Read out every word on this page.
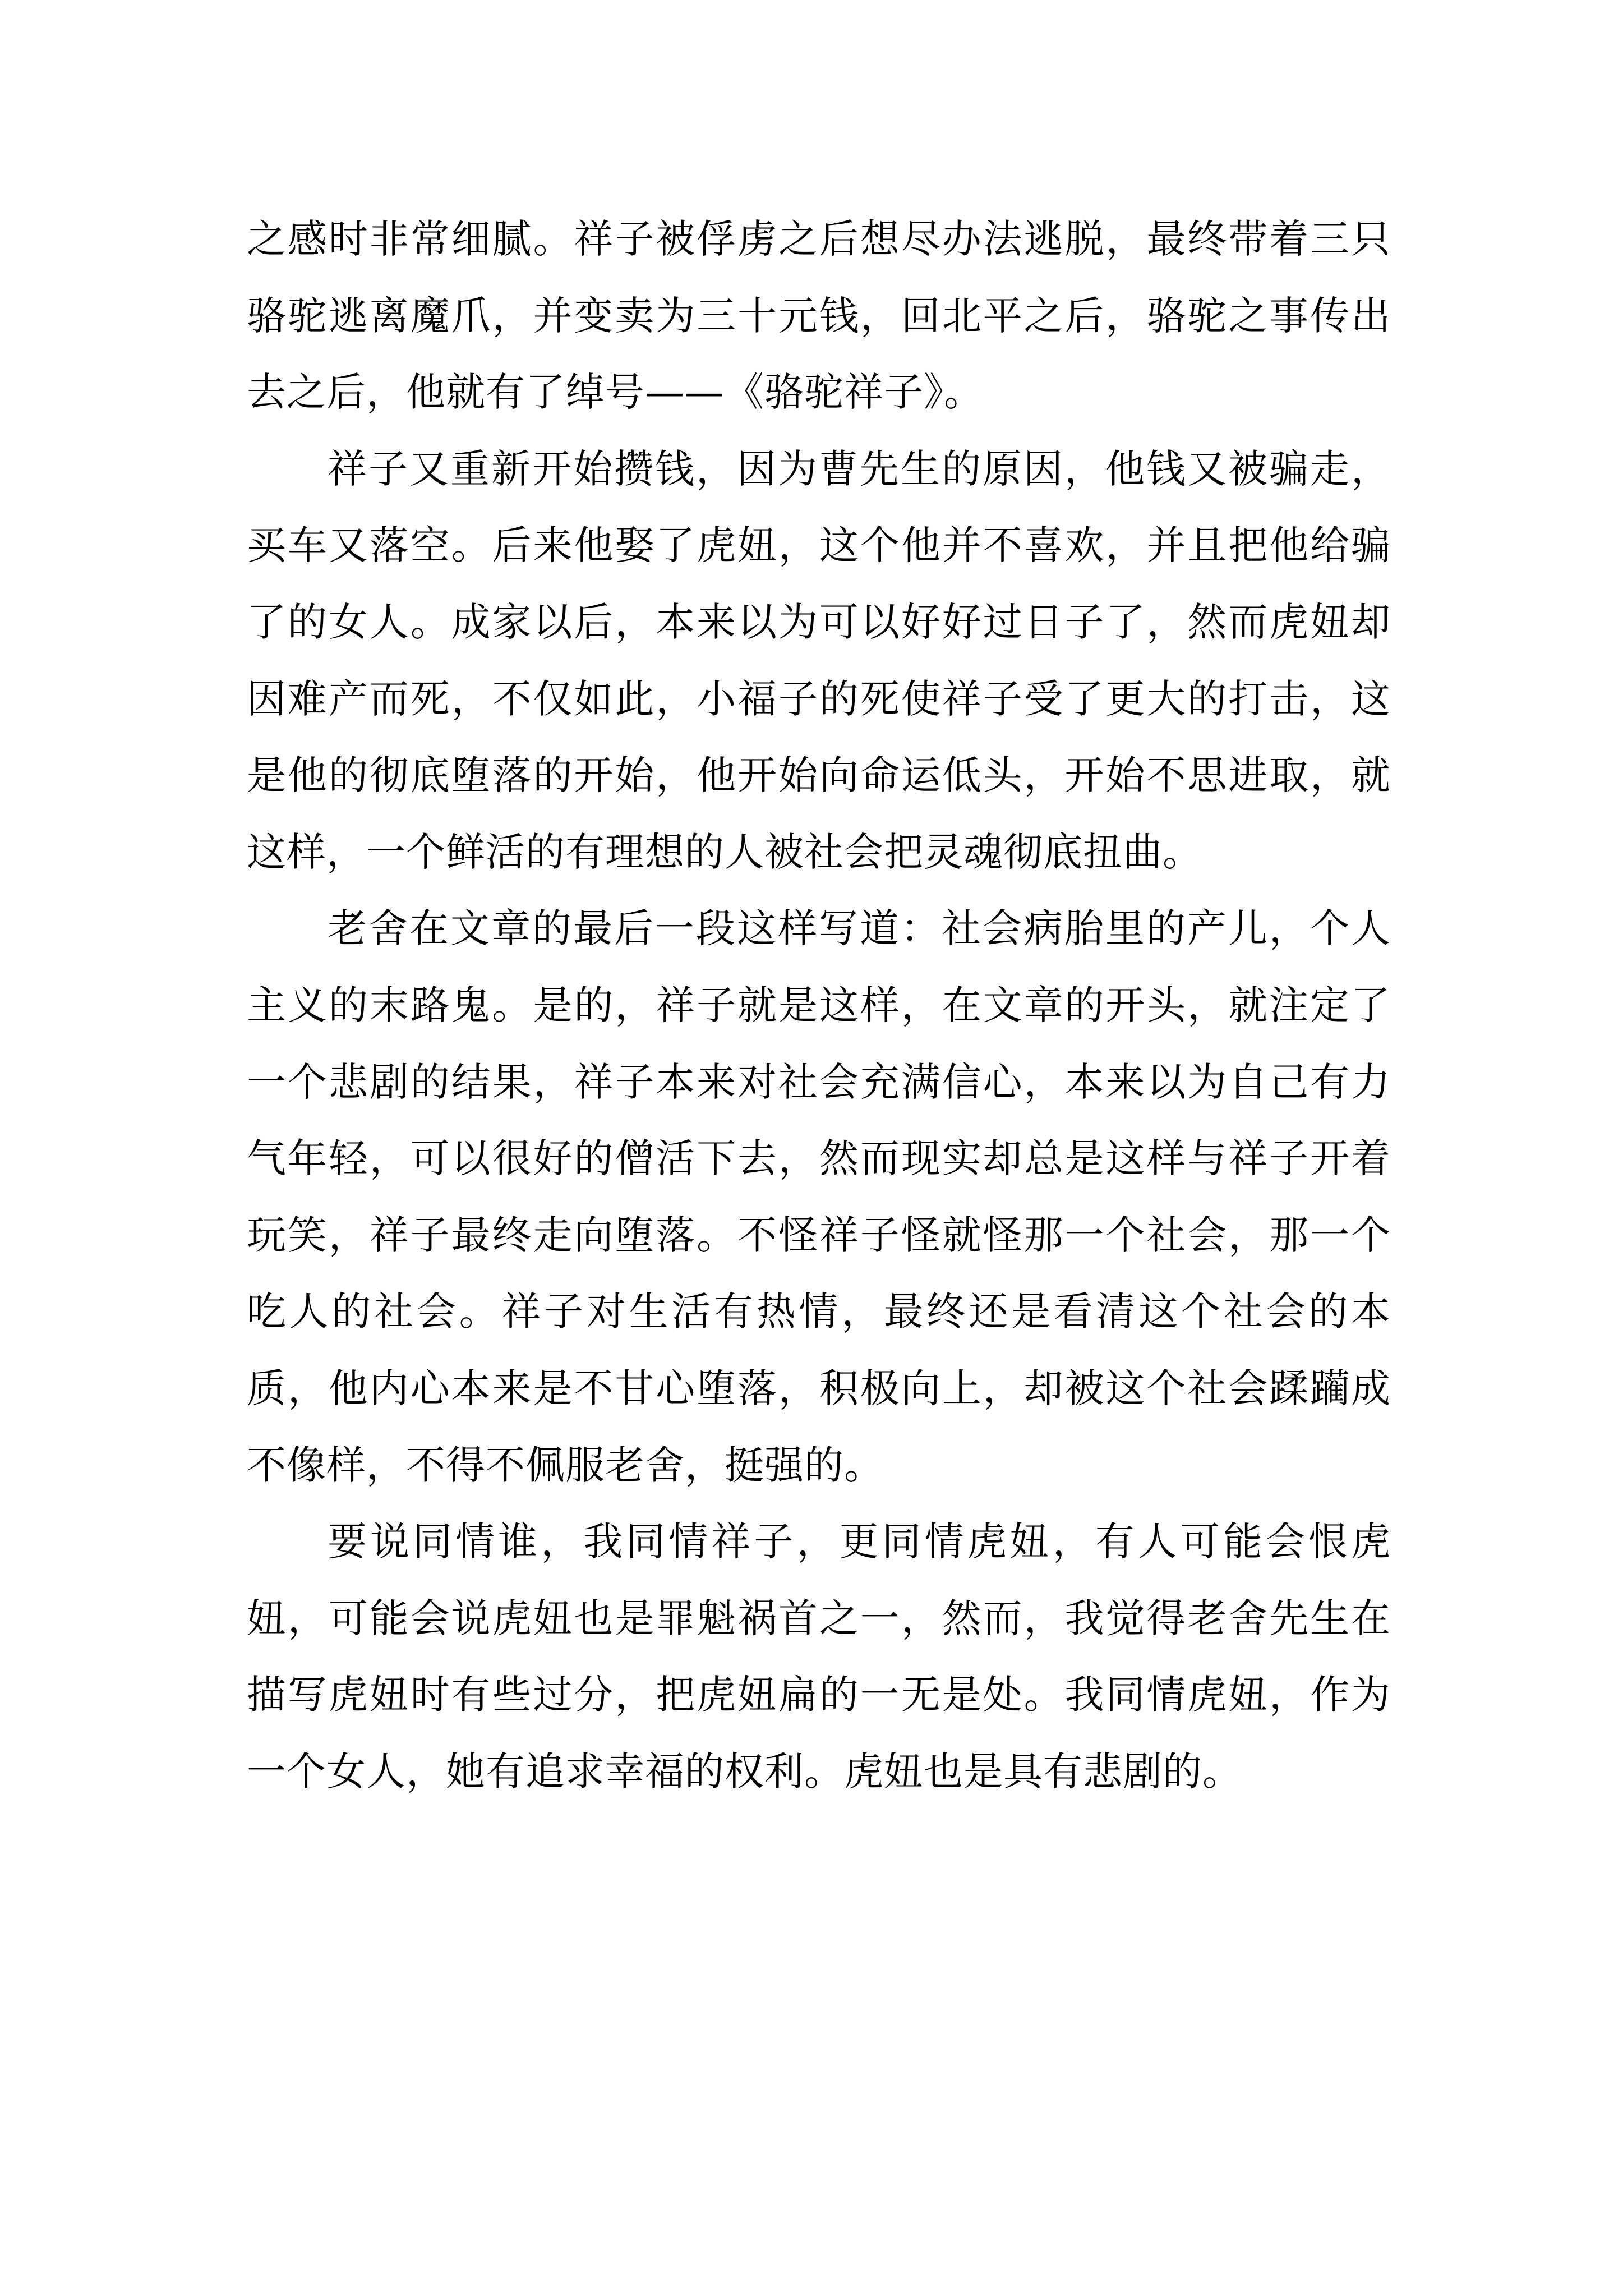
之感时非常细腻。祥子被俘虏之后想尽办法逃脱，最终带着三只骆驼逃离魔爪，并变卖为三十元钱，回北平之后，骆驼之事传出去之后，他就有了绰号——《骆驼祥子》。

祥子又重新开始攒钱，因为曹先生的原因，他钱又被骗走，买车又落空。后来他娶了虎妞，这个他并不喜欢，并且把他给骗了的女人。成家以后，本来以为可以好好过日子了，然而虎妞却因难产而死，不仅如此，小福子的死使祥子受了更大的打击，这是他的彻底堕落的开始，他开始向命运低头，开始不思进取，就这样，一个鲜活的有理想的人被社会把灵魂彻底扭曲。

老舍在文章的最后一段这样写道：社会病胎里的产儿，个人主义的末路鬼。是的，祥子就是这样，在文章的开头，就注定了一个悲剧的结果，祥子本来对社会充满信心，本来以为自己有力气年轻，可以很好的僧活下去，然而现实却总是这样与祥子开着玩笑，祥子最终走向堕落。不怪祥子怪就怪那一个社会，那一个吃人的社会。祥子对生活有热情，最终还是看清这个社会的本质，他内心本来是不甘心堕落，积极向上，却被这个社会蹂躏成不像样，不得不佩服老舍，挺强的。

要说同情谁，我同情祥子，更同情虎妞，有人可能会恨虎妞，可能会说虎妞也是罪魁祸首之一，然而，我觉得老舍先生在描写虎妞时有些过分，把虎妞扁的一无是处。我同情虎妞，作为一个女人，她有追求幸福的权利。虎妞也是具有悲剧的。
